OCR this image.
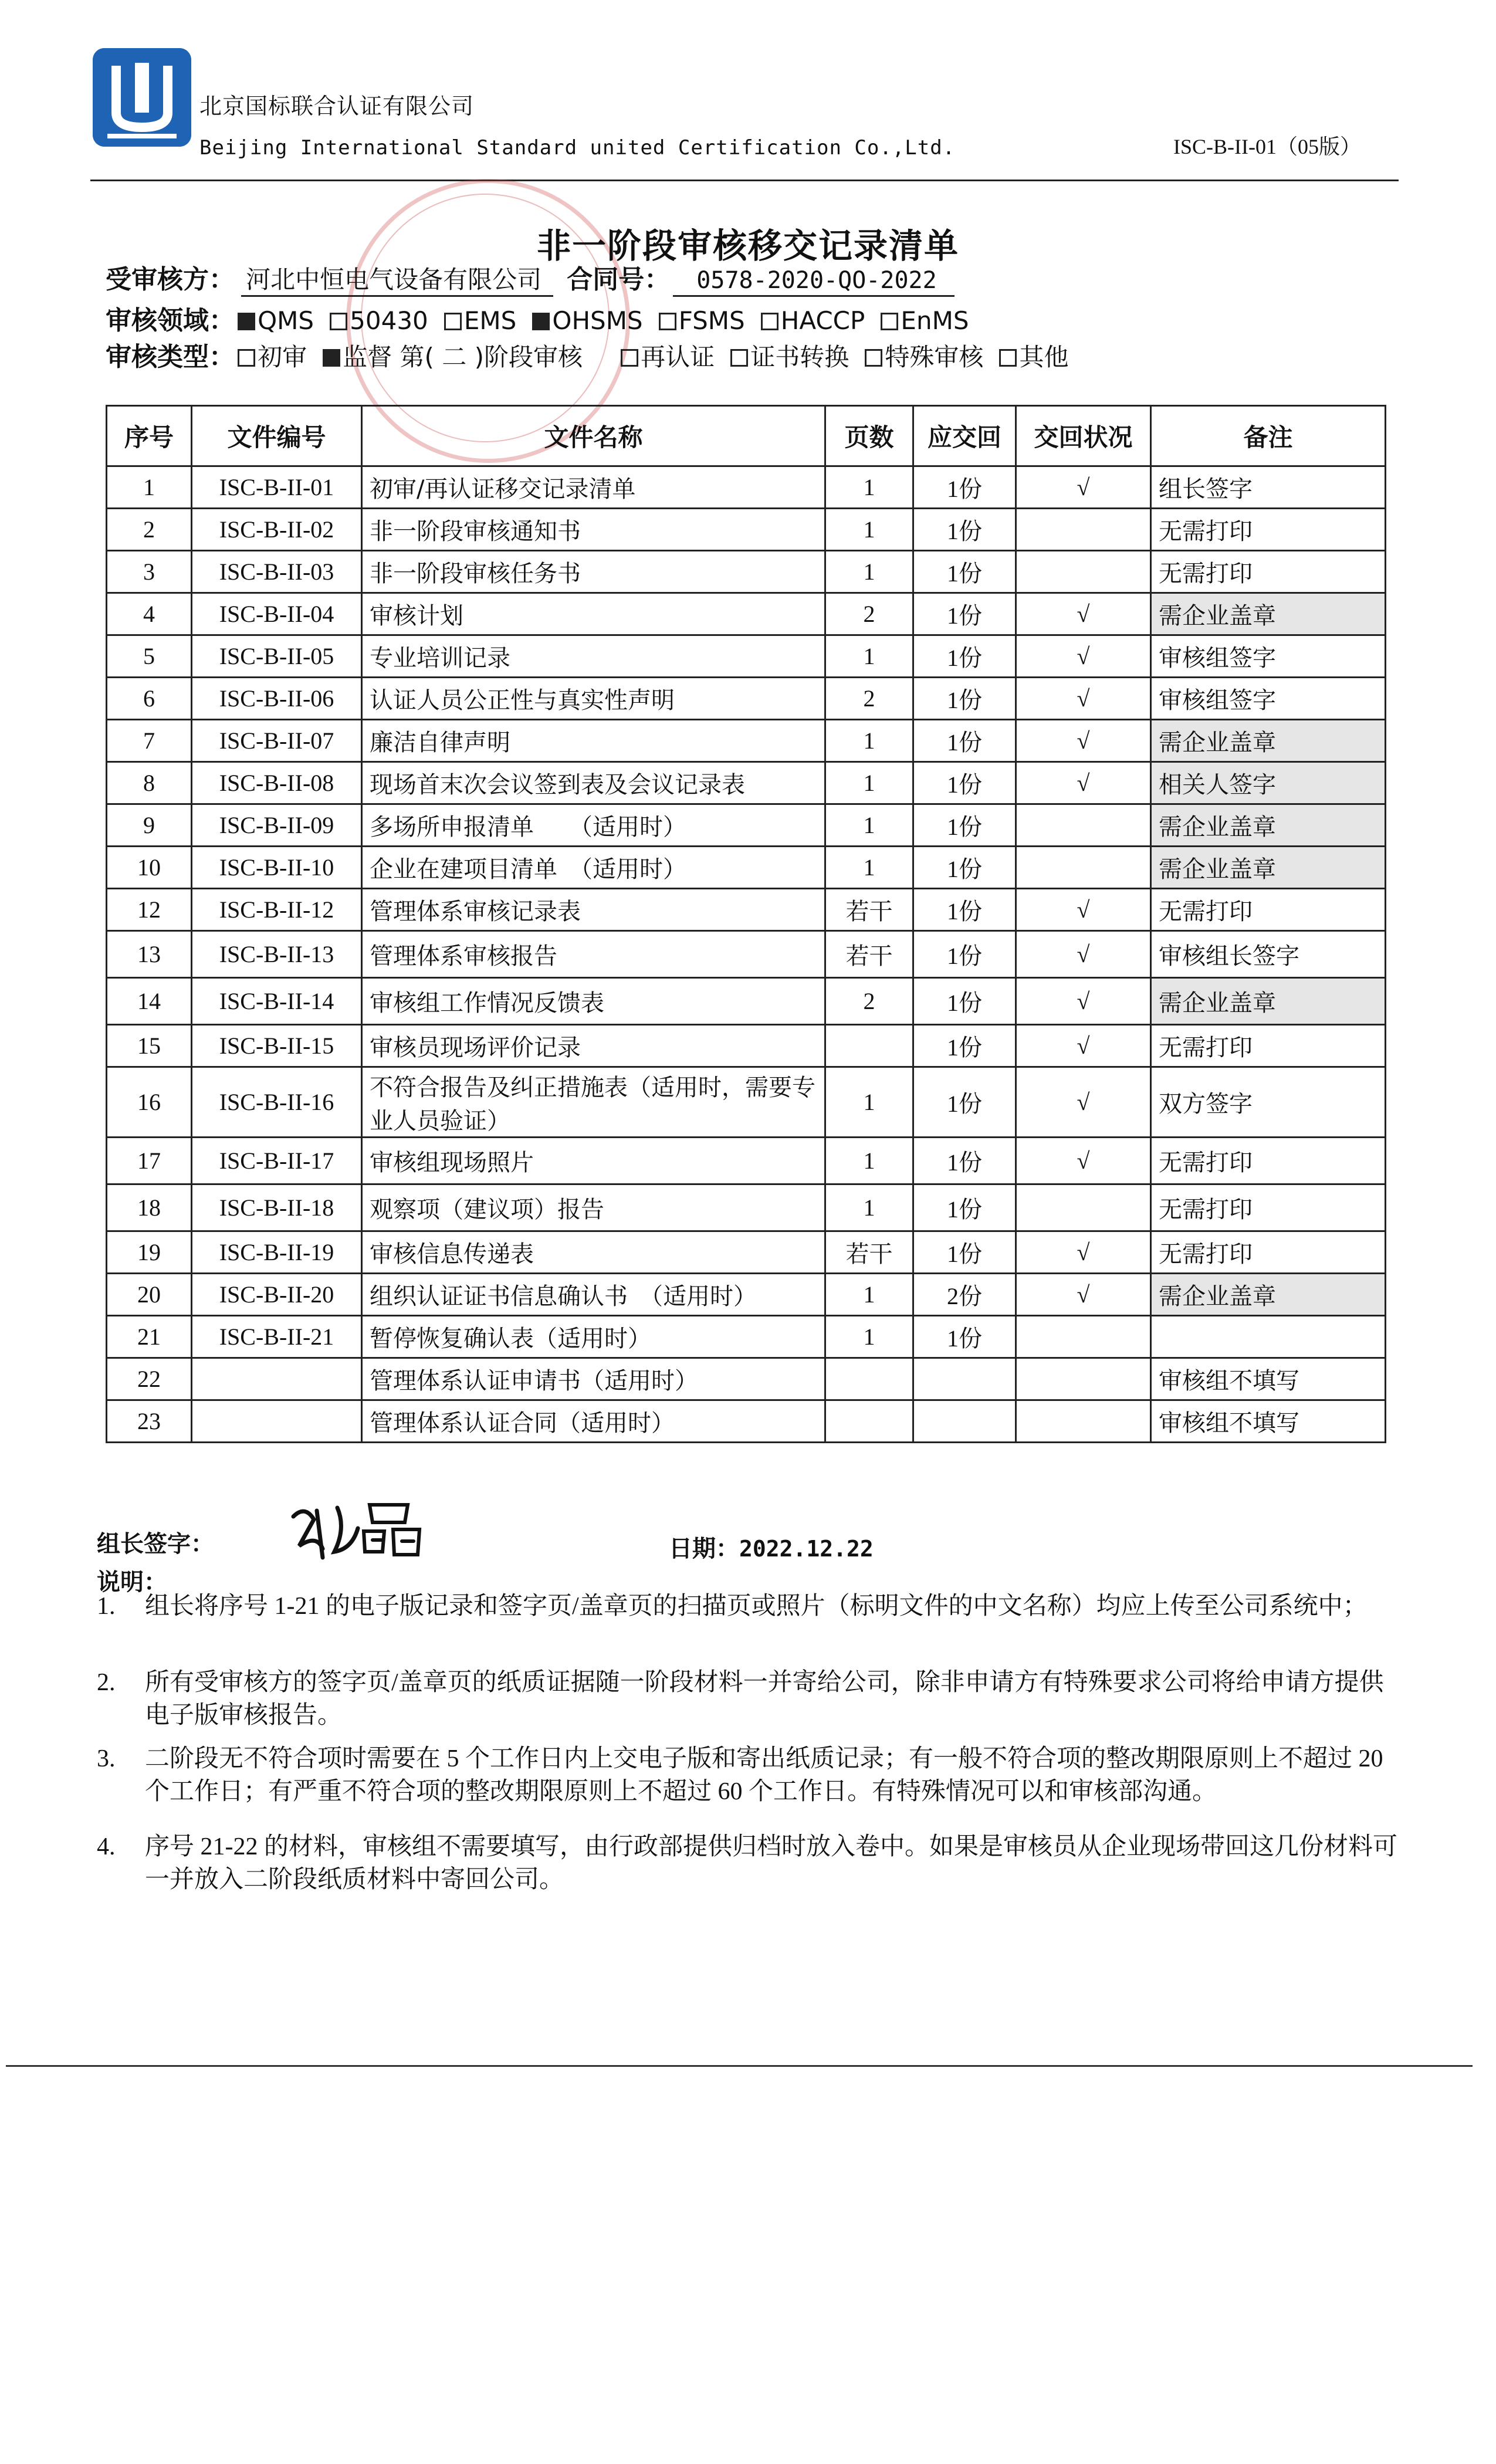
北京国标联合认证有限公司
Beijing International Standard united Certification Co.,Ltd.	ISC-B-II-01（05版）
非一阶段审核移交记录清单
受审核方： 河北中恒电气设备有限公司 合同号： 0578-2020-QO-2022
审核领域： QMS 50430 EMS OHSMS FSMS HACCP EnMS
审核类型： 初审 监督 第( 二 )阶段审核 再认证 证书转换 特殊审核 其他
序号	文件编号	文件名称	页数	应交回	交回状况	备注
1	ISC-B-II-01	初审/再认证移交记录清单	1	1份	√	组长签字
2	ISC-B-II-02	非一阶段审核通知书	1	1份		无需打印
3	ISC-B-II-03	非一阶段审核任务书	1	1份		无需打印
4	ISC-B-II-04	审核计划	2	1份	√	需企业盖章
5	ISC-B-II-05	专业培训记录	1	1份	√	审核组签字
6	ISC-B-II-06	认证人员公正性与真实性声明	2	1份	√	审核组签字
7	ISC-B-II-07	廉洁自律声明	1	1份	√	需企业盖章
8	ISC-B-II-08	现场首末次会议签到表及会议记录表	1	1份	√	相关人签字
9	ISC-B-II-09	多场所申报清单　　（适用时）	1	1份		需企业盖章
10	ISC-B-II-10	企业在建项目清单　（适用时）	1	1份		需企业盖章
12	ISC-B-II-12	管理体系审核记录表	若干	1份	√	无需打印
13	ISC-B-II-13	管理体系审核报告	若干	1份	√	审核组长签字
14	ISC-B-II-14	审核组工作情况反馈表	2	1份	√	需企业盖章
15	ISC-B-II-15	审核员现场评价记录		1份	√	无需打印
16	ISC-B-II-16	不符合报告及纠正措施表（适用时，需要专业人员验证）	1	1份	√	双方签字
17	ISC-B-II-17	审核组现场照片	1	1份	√	无需打印
18	ISC-B-II-18	观察项（建议项）报告	1	1份		无需打印
19	ISC-B-II-19	审核信息传递表	若干	1份	√	无需打印
20	ISC-B-II-20	组织认证证书信息确认书　（适用时）	1	2份	√	需企业盖章
21	ISC-B-II-21	暂停恢复确认表（适用时）	1	1份		
22		管理体系认证申请书（适用时）				审核组不填写
23		管理体系认证合同（适用时）				审核组不填写
组长签字：	日期：2022.12.22
说明：
1. 组长将序号 1-21 的电子版记录和签字页/盖章页的扫描页或照片（标明文件的中文名称）均应上传至公司系统中；
2. 所有受审核方的签字页/盖章页的纸质证据随一阶段材料一并寄给公司，除非申请方有特殊要求公司将给申请方提供电子版审核报告。
3. 二阶段无不符合项时需要在 5 个工作日内上交电子版和寄出纸质记录；有一般不符合项的整改期限原则上不超过 20 个工作日；有严重不符合项的整改期限原则上不超过 60 个工作日。有特殊情况可以和审核部沟通。
4. 序号 21-22 的材料，审核组不需要填写，由行政部提供归档时放入卷中。如果是审核员从企业现场带回这几份材料可一并放入二阶段纸质材料中寄回公司。
